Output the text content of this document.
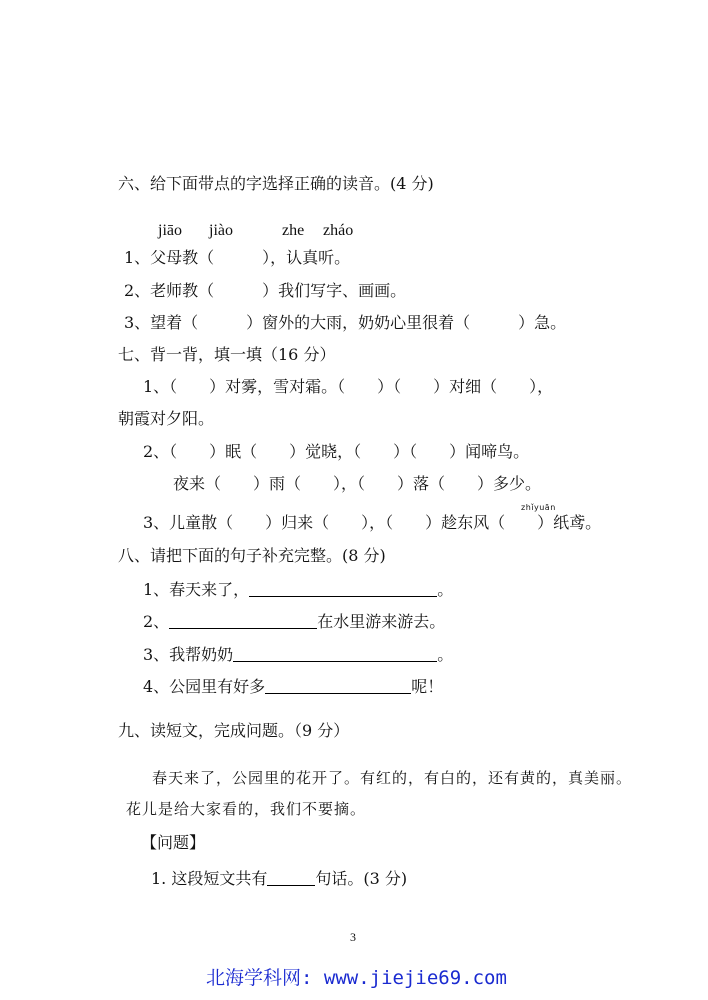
六、给下面带点的字选择正确的读音。(4 分)
jiāo jiào	zhe zháo
1、父母教（　　　），认真听。
2、老师教（　　　）我们写字、画画。
3、望着（　　　）窗外的大雨，奶奶心里很着（　　　）急。
七、背一背，填一填（16 分）
1、（　　）对雾，雪对霜。（　　）（　　）对细（　　），
朝霞对夕阳。
2、（　　）眠（　　）觉晓，（　　）（　　）闻啼鸟。
夜来（　　）雨（　　），（　　）落（　　）多少。
zhǐyuān
3、儿童散（　　）归来（　　），（　　）趁东风（　　）纸鸢。
八、请把下面的句子补充完整。(8 分)
1、春天来了，	。
2、	在水里游来游去。
3、我帮奶奶	。
4、公园里有好多	呢！
九、读短文，完成问题。（9 分）
春天来了，公园里的花开了。有红的，有白的，还有黄的，真美丽。
花儿是给大家看的，我们不要摘。
【问题】
1. 这段短文共有	句话。(3 分)
3
北海学科网: www.jiejie69.com
